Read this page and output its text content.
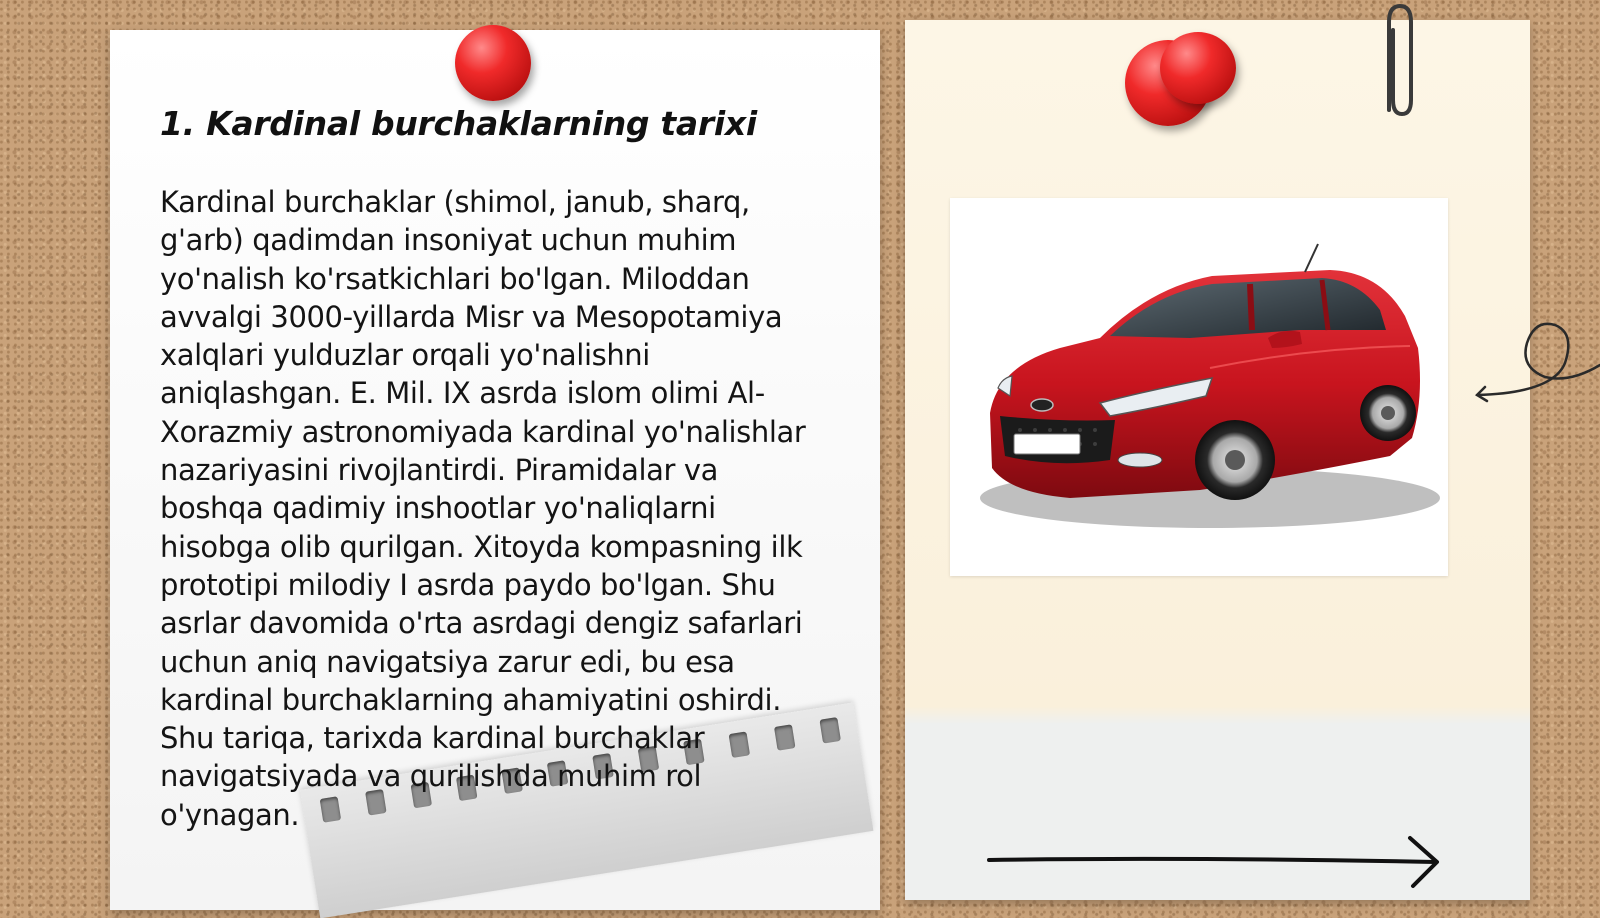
1. Kardinal burchaklarning tarixi

Kardinal burchaklar (shimol, janub, sharq, g'arb) qadimdan insoniyat uchun muhim yo'nalish ko'rsatkichlari bo'lgan. Miloddan avvalgi 3000-yillarda Misr va Mesopotamiya xalqlari yulduzlar orqali yo'nalishni aniqlashgan. E. Mil. IX asrda islom olimi Al-Xorazmiy astronomiyada kardinal yo'nalishlar nazariyasini rivojlantirdi. Piramidalar va boshqa qadimiy inshootlar yo'naliqlarni hisobga olib qurilgan. Xitoyda kompasning ilk prototipi milodiy I asrda paydo bo'lgan. Shu asrlar davomida o'rta asrdagi dengiz safarlari uchun aniq navigatsiya zarur edi, bu esa kardinal burchaklarning ahamiyatini oshirdi. Shu tariqa, tarixda kardinal burchaklar navigatsiyada va qurilishda muhim rol o'ynagan.
